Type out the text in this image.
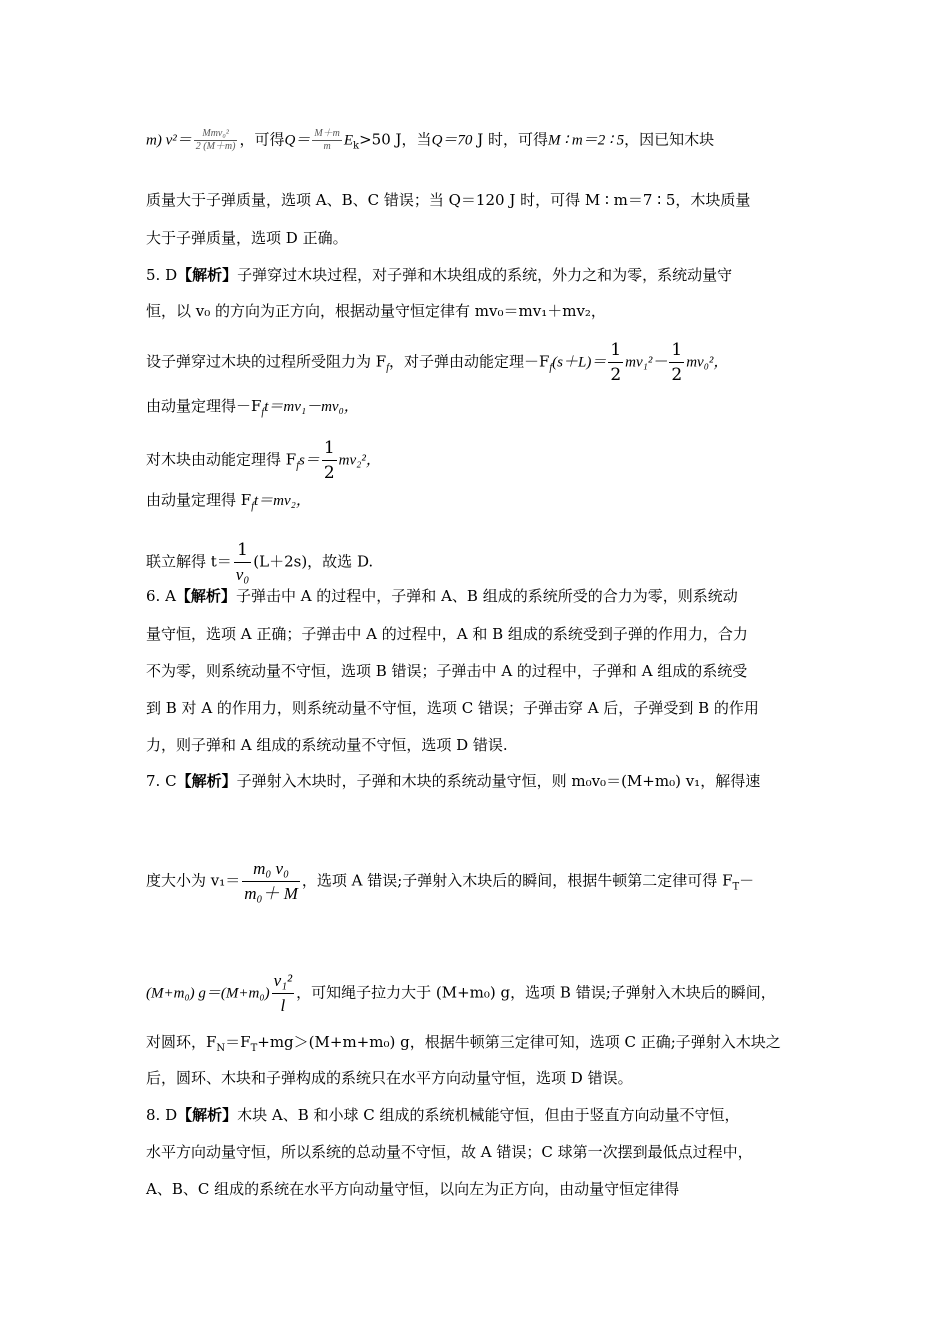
m) $v^2= \frac{\text{Mmv₀²}}{2 (M+m)}$ ，可得$Q= \frac{M+m}{m} E_k>50$ J，当Q＝70 J 时，可得M ∶ m＝2 ∶ 5，因已知木块
质量大于子弹质量，选项 A、B、C 错误；当 Q＝120 J 时，可得 M ∶ m＝7 ∶ 5，木块质量
大于子弹质量，选项 D 正确。
5. D【解析】子弹穿过木块过程，对子弹和木块组成的系统，外力之和为零，系统动量守
恒，以 v₀ 的方向为正方向，根据动量守恒定律有 mv₀＝mv₁＋mv₂，
设子弹穿过木块的过程所受阻力为 $F_f$，对子弹由动能定理$-F_f(s+L)= \frac{1}{2} mv_1^2- \frac{1}{2} mv_0^2$，
由动量定理得$-F_ft=mv_1-mv_0$，
对木块由动能定理得 $F_fs= \frac{1}{2} mv_2^2$，
由动量定理得 $F_ft=mv_2$，
联立解得 $t= \frac{1}{\text{v₀}} (L+2s)$，故选 D.
6. A【解析】子弹击中 A 的过程中，子弹和 A、B 组成的系统所受的合力为零，则系统动
量守恒，选项 A 正确；子弹击中 A 的过程中，A 和 B 组成的系统受到子弹的作用力，合力
不为零，则系统动量不守恒，选项 B 错误；子弹击中 A 的过程中，子弹和 A 组成的系统受
到 B 对 A 的作用力，则系统动量不守恒，选项 C 错误；子弹击穿 A 后，子弹受到 B 的作用
力，则子弹和 A 组成的系统动量不守恒，选项 D 错误.
7. C【解析】子弹射入木块时，子弹和木块的系统动量守恒，则 m₀v₀＝(M+m₀) v₁，解得速
度大小为 $v_1= \frac{\text{m₀ v₀}}{\text{m₀＋ M}}$ ，选项 A 错误;子弹射入木块后的瞬间，根据牛顿第二定律可得 $F_T-$
(M+m₀) $g=(M+m_0) \frac{\text{v₁²}}{l}$ ，可知绳子拉力大于 (M+m₀) g，选项 B 错误;子弹射入木块后的瞬间，
对圆环，$F_N=F_T+mg>(M+m+m_0)$ g，根据牛顿第三定律可知，选项 C 正确;子弹射入木块之
后，圆环、木块和子弹构成的系统只在水平方向动量守恒，选项 D 错误。
8. D【解析】木块 A、B 和小球 C 组成的系统机械能守恒，但由于竖直方向动量不守恒，
水平方向动量守恒，所以系统的总动量不守恒，故 A 错误；C 球第一次摆到最低点过程中，
A、B、C 组成的系统在水平方向动量守恒，以向左为正方向，由动量守恒定律得
